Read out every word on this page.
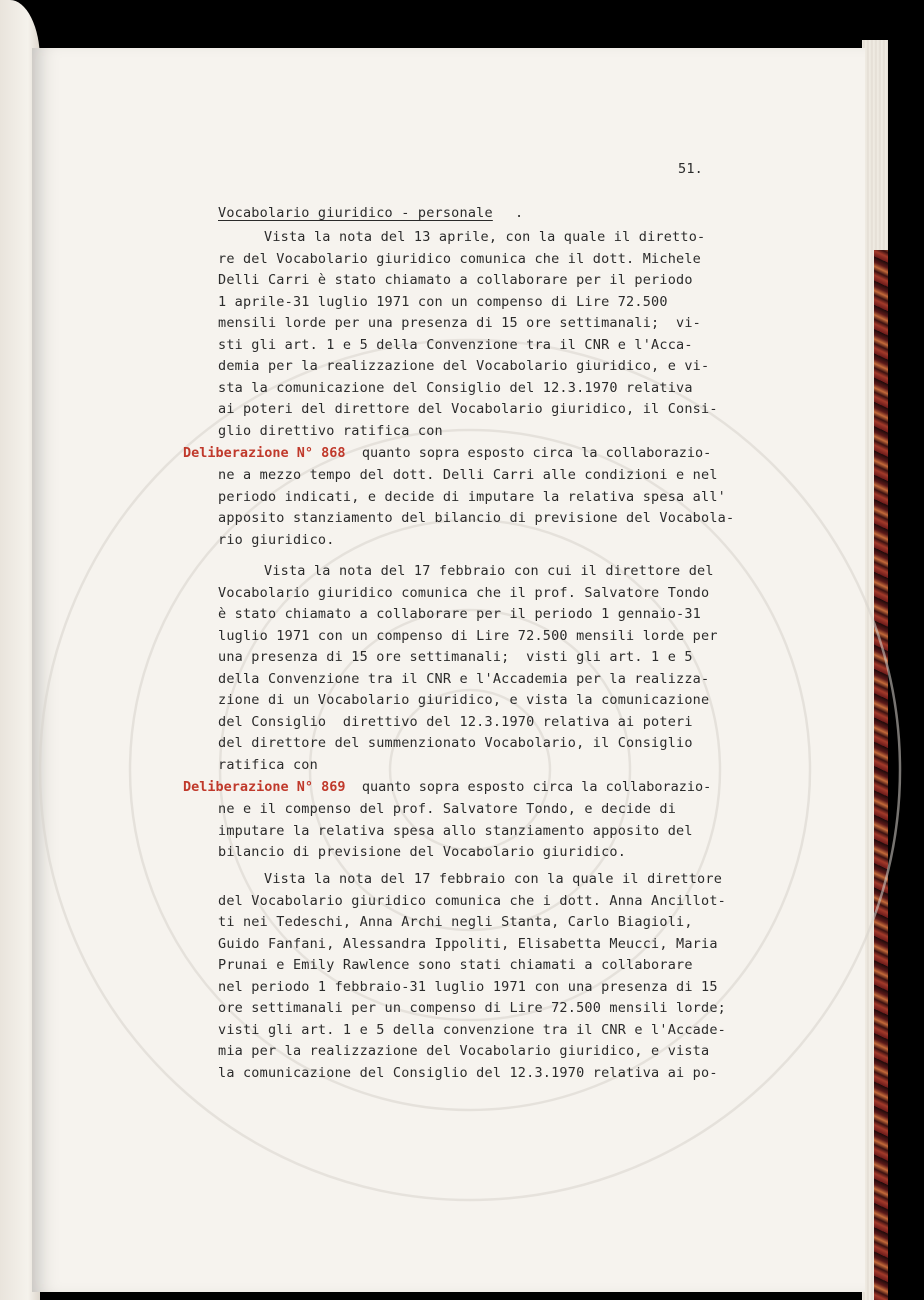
51.
Vocabolario giuridico - personale .
Vista la nota del 13 aprile, con la quale il diretto-
re del Vocabolario giuridico comunica che il dott. Michele
Delli Carri è stato chiamato a collaborare per il periodo
1 aprile-31 luglio 1971 con un compenso di Lire 72.500
mensili lorde per una presenza di 15 ore settimanali;  vi-
sti gli art. 1 e 5 della Convenzione tra il CNR e l'Acca-
demia per la realizzazione del Vocabolario giuridico, e vi-
sta la comunicazione del Consiglio del 12.3.1970 relativa
ai poteri del direttore del Vocabolario giuridico, il Consi-
glio direttivo ratifica con
Deliberazione N° 868  quanto sopra esposto circa la collaborazio-
ne a mezzo tempo del dott. Delli Carri alle condizioni e nel
periodo indicati, e decide di imputare la relativa spesa all'
apposito stanziamento del bilancio di previsione del Vocabola-
rio giuridico.
Vista la nota del 17 febbraio con cui il direttore del
Vocabolario giuridico comunica che il prof. Salvatore Tondo
è stato chiamato a collaborare per il periodo 1 gennaio-31
luglio 1971 con un compenso di Lire 72.500 mensili lorde per
una presenza di 15 ore settimanali;  visti gli art. 1 e 5
della Convenzione tra il CNR e l'Accademia per la realizza-
zione di un Vocabolario giuridico, e vista la comunicazione
del Consiglio  direttivo del 12.3.1970 relativa ai poteri
del direttore del summenzionato Vocabolario, il Consiglio
ratifica con
Deliberazione N° 869  quanto sopra esposto circa la collaborazio-
ne e il compenso del prof. Salvatore Tondo, e decide di
imputare la relativa spesa allo stanziamento apposito del
bilancio di previsione del Vocabolario giuridico.
Vista la nota del 17 febbraio con la quale il direttore
del Vocabolario giuridico comunica che i dott. Anna Ancillot-
ti nei Tedeschi, Anna Archi negli Stanta, Carlo Biagioli,
Guido Fanfani, Alessandra Ippoliti, Elisabetta Meucci, Maria
Prunai e Emily Rawlence sono stati chiamati a collaborare
nel periodo 1 febbraio-31 luglio 1971 con una presenza di 15
ore settimanali per un compenso di Lire 72.500 mensili lorde;
visti gli art. 1 e 5 della convenzione tra il CNR e l'Accade-
mia per la realizzazione del Vocabolario giuridico, e vista
la comunicazione del Consiglio del 12.3.1970 relativa ai po-
